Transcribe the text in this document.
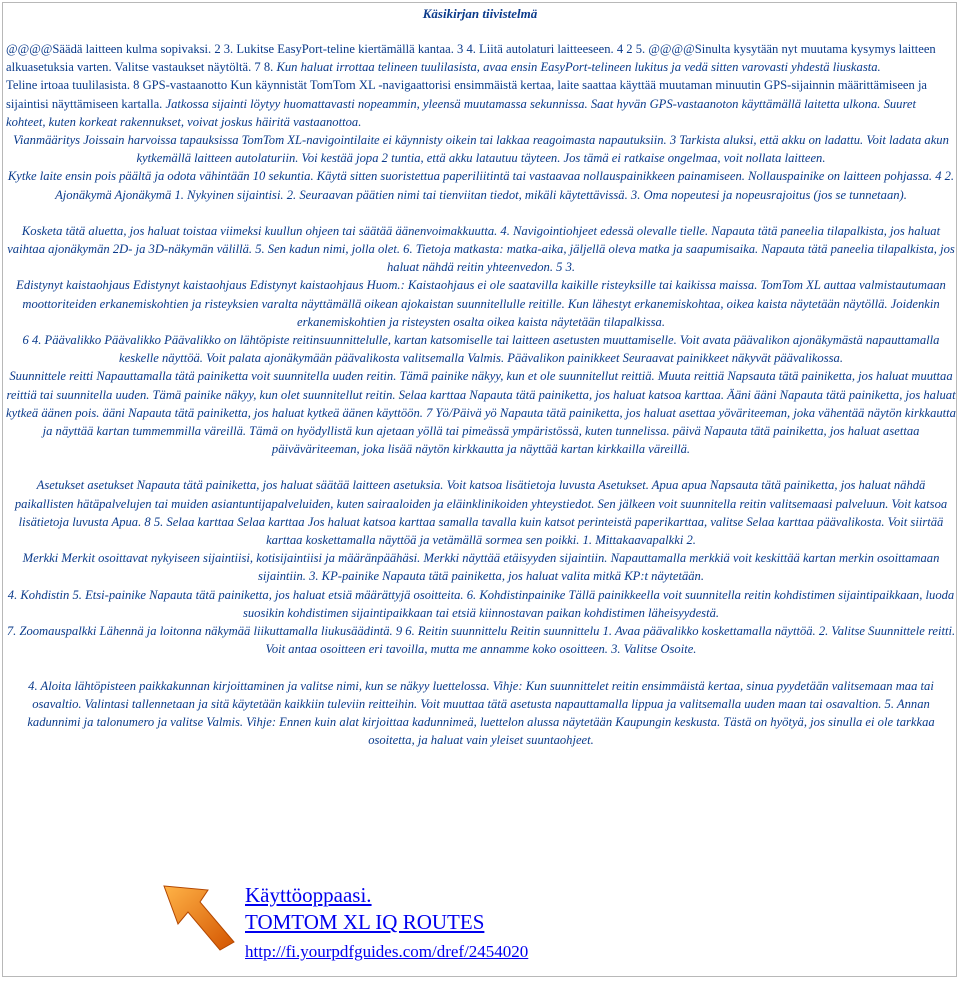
Käsikirjan tiivistelmä

@@@@Säädä laitteen kulma sopivaksi. 2 3. Lukitse EasyPort-teline kiertämällä kantaa. 3 4. Liitä autolaturi laitteeseen. 4 2 5. @@@@Sinulta kysytään nyt muutama kysymys laitteen alkuasetuksia varten. Valitse vastaukset näytöltä. 7 8. Kun haluat irrottaa telineen tuulilasista, avaa ensin EasyPort-telineen lukitus ja vedä sitten varovasti yhdestä liuskasta.

Teline irtoaa tuulilasista. 8 GPS-vastaanotto Kun käynnistät TomTom XL -navigaattorisi ensimmäistä kertaa, laite saattaa käyttää muutaman minuutin GPS-sijainnin määrittämiseen ja sijaintisi näyttämiseen kartalla. Jatkossa sijainti löytyy huomattavasti nopeammin, yleensä muutamassa sekunnissa. Saat hyvän GPS-vastaanoton käyttämällä laitetta ulkona. Suuret kohteet, kuten korkeat rakennukset, voivat joskus häiritä vastaanottoa.

Vianmääritys Joissain harvoissa tapauksissa TomTom XL-navigointilaite ei käynnisty oikein tai lakkaa reagoimasta napautuksiin. 3 Tarkista aluksi, että akku on ladattu. Voit ladata akun kytkemällä laitteen autolaturiin. Voi kestää jopa 2 tuntia, että akku latautuu täyteen. Jos tämä ei ratkaise ongelmaa, voit nollata laitteen.

Kytke laite ensin pois päältä ja odota vähintään 10 sekuntia. Käytä sitten suoristettua paperiliitintä tai vastaavaa nollauspainikkeen painamiseen. Nollauspainike on laitteen pohjassa. 4 2. Ajonäkymä Ajonäkymä 1. Nykyinen sijaintisi. 2. Seuraavan päätien nimi tai tienviitan tiedot, mikäli käytettävissä. 3. Oma nopeutesi ja nopeusrajoitus (jos se tunnetaan).

Kosketa tätä aluetta, jos haluat toistaa viimeksi kuullun ohjeen tai säätää äänenvoimakkuutta. 4. Navigointiohjeet edessä olevalle tielle. Napauta tätä paneelia tilapalkista, jos haluat vaihtaa ajonäkymän 2D- ja 3D-näkymän välillä. 5. Sen kadun nimi, jolla olet. 6. Tietoja matkasta: matka-aika, jäljellä oleva matka ja saapumisaika. Napauta tätä paneelia tilapalkista, jos haluat nähdä reitin yhteenvedon. 5 3.

Edistynyt kaistaohjaus Edistynyt kaistaohjaus Edistynyt kaistaohjaus Huom.: Kaistaohjaus ei ole saatavilla kaikille risteyksille tai kaikissa maissa. TomTom XL auttaa valmistautumaan moottoriteiden erkanemiskohtien ja risteyksien varalta näyttämällä oikean ajokaistan suunnitellulle reitille. Kun lähestyt erkanemiskohtaa, oikea kaista näytetään näytöllä. Joidenkin erkanemiskohtien ja risteysten osalta oikea kaista näytetään tilapalkissa.

6 4. Päävalikko Päävalikko Päävalikko on lähtöpiste reitinsuunnittelulle, kartan katsomiselle tai laitteen asetusten muuttamiselle. Voit avata päävalikon ajonäkymästä napauttamalla keskelle näyttöä. Voit palata ajonäkymään päävalikosta valitsemalla Valmis. Päävalikon painikkeet Seuraavat painikkeet näkyvät päävalikossa.

Suunnittele reitti Napauttamalla tätä painiketta voit suunnitella uuden reitin. Tämä painike näkyy, kun et ole suunnitellut reittiä. Muuta reittiä Napsauta tätä painiketta, jos haluat muuttaa reittiä tai suunnitella uuden. Tämä painike näkyy, kun olet suunnitellut reitin. Selaa karttaa Napauta tätä painiketta, jos haluat katsoa karttaa. Ääni ääni Napauta tätä painiketta, jos haluat kytkeä äänen pois. ääni Napauta tätä painiketta, jos haluat kytkeä äänen käyttöön. 7 Yö/Päivä yö Napauta tätä painiketta, jos haluat asettaa yöväriteeman, joka vähentää näytön kirkkautta ja näyttää kartan tummemmilla väreillä. Tämä on hyödyllistä kun ajetaan yöllä tai pimeässä ympäristössä, kuten tunnelissa. päivä Napauta tätä painiketta, jos haluat asettaa päiväväriteeman, joka lisää näytön kirkkautta ja näyttää kartan kirkkailla väreillä.

Asetukset asetukset Napauta tätä painiketta, jos haluat säätää laitteen asetuksia. Voit katsoa lisätietoja luvusta Asetukset. Apua apua Napsauta tätä painiketta, jos haluat nähdä paikallisten hätäpalvelujen tai muiden asiantuntijapalveluiden, kuten sairaaloiden ja eläinklinikoiden yhteystiedot. Sen jälkeen voit suunnitella reitin valitsemaasi palveluun. Voit katsoa lisätietoja luvusta Apua. 8 5. Selaa karttaa Selaa karttaa Jos haluat katsoa karttaa samalla tavalla kuin katsot perinteistä paperikarttaa, valitse Selaa karttaa päävalikosta. Voit siirtää karttaa koskettamalla näyttöä ja vetämällä sormea sen poikki. 1. Mittakaavapalkki 2.

Merkki Merkit osoittavat nykyiseen sijaintiisi, kotisijaintiisi ja määränpäähäsi. Merkki näyttää etäisyyden sijaintiin. Napauttamalla merkkiä voit keskittää kartan merkin osoittamaan sijaintiin. 3. KP-painike Napauta tätä painiketta, jos haluat valita mitkä KP:t näytetään.

4. Kohdistin 5. Etsi-painike Napauta tätä painiketta, jos haluat etsiä määrättyjä osoitteita. 6. Kohdistinpainike Tällä painikkeella voit suunnitella reitin kohdistimen sijaintipaikkaan, luoda suosikin kohdistimen sijaintipaikkaan tai etsiä kiinnostavan paikan kohdistimen läheisyydestä.

7. Zoomauspalkki Lähennä ja loitonna näkymää liikuttamalla liukusäädintä. 9 6. Reitin suunnittelu Reitin suunnittelu 1. Avaa päävalikko koskettamalla näyttöä. 2. Valitse Suunnittele reitti. Voit antaa osoitteen eri tavoilla, mutta me annamme koko osoitteen. 3. Valitse Osoite.

4. Aloita lähtöpisteen paikkakunnan kirjoittaminen ja valitse nimi, kun se näkyy luettelossa. Vihje: Kun suunnittelet reitin ensimmäistä kertaa, sinua pyydetään valitsemaan maa tai osavaltio. Valintasi tallennetaan ja sitä käytetään kaikkiin tuleviin reitteihin. Voit muuttaa tätä asetusta napauttamalla lippua ja valitsemalla uuden maan tai osavaltion. 5. Annan kadunnimi ja talonumero ja valitse Valmis. Vihje: Ennen kuin alat kirjoittaa kadunnimeä, luettelon alussa näytetään Kaupungin keskusta. Tästä on hyötyä, jos sinulla ei ole tarkkaa osoitetta, ja haluat vain yleiset suuntaohjeet.

Käyttöoppaasi.
TOMTOM XL IQ ROUTES
http://fi.yourpdfguides.com/dref/2454020
